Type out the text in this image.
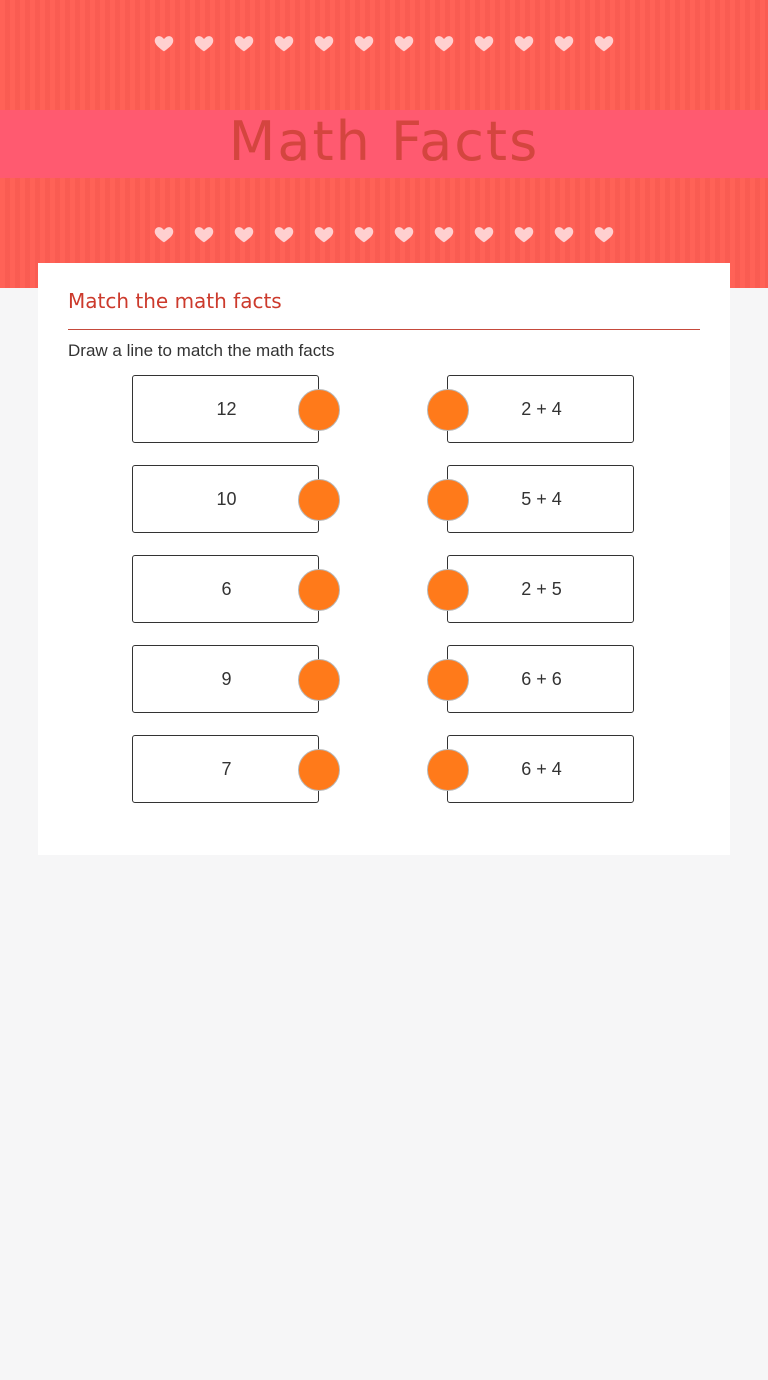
Math Facts
Match the math facts
Draw a line to match the math facts
12
10
6
9
7
2 + 4
5 + 4
2 + 5
6 + 6
6 + 4
